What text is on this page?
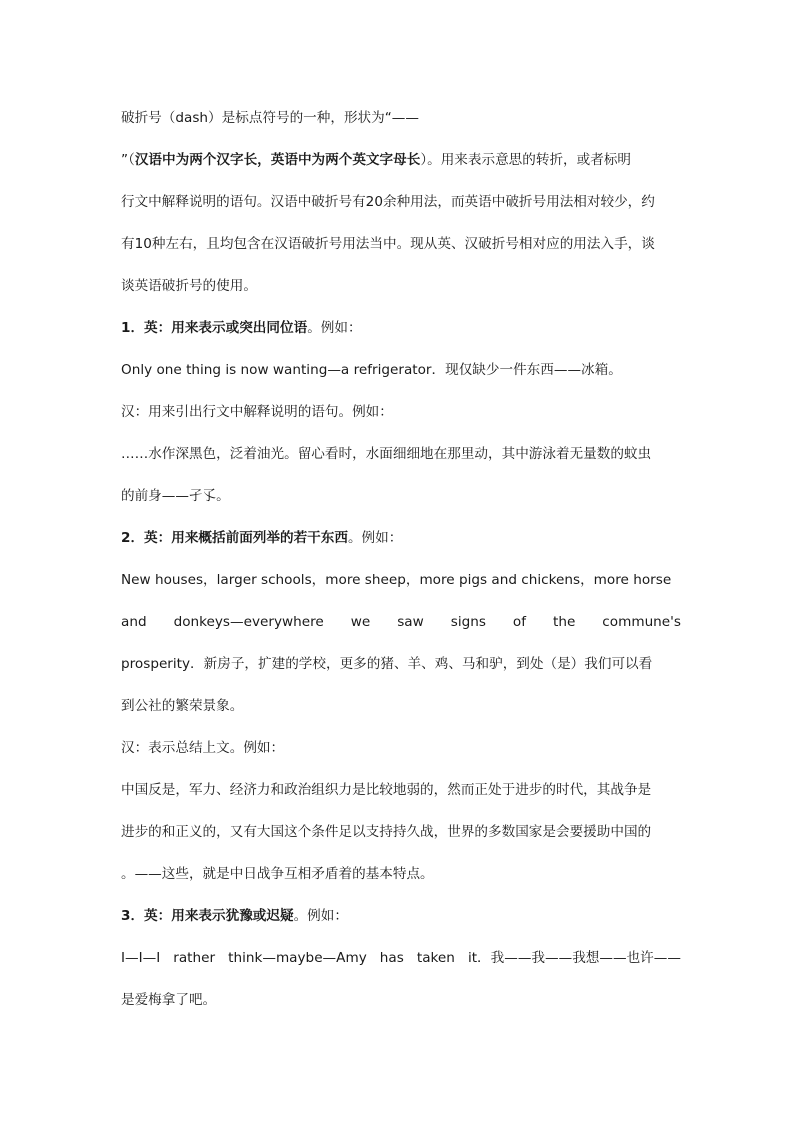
破折号（dash）是标点符号的一种，形状为“——
”（汉语中为两个汉字长，英语中为两个英文字母长）。用来表示意思的转折，或者标明
行文中解释说明的语句。汉语中破折号有20余种用法，而英语中破折号用法相对较少，约
有10种左右，且均包含在汉语破折号用法当中。现从英、汉破折号相对应的用法入手，谈
谈英语破折号的使用。
1．英：用来表示或突出同位语。例如：
Only one thing is now wanting—a refrigerator．现仅缺少一件东西——冰箱。
汉：用来引出行文中解释说明的语句。例如：
……水作深黑色，泛着油光。留心看时，水面细细地在那里动，其中游泳着无量数的蚊虫
的前身——孑孓。
2．英：用来概括前面列举的若干东西。例如：
New houses，larger schools，more sheep，more pigs and chickens，more horse
and donkeys—everywhere we saw signs of the commune's
prosperity．新房子，扩建的学校，更多的猪、羊、鸡、马和驴，到处（是）我们可以看
到公社的繁荣景象。
汉：表示总结上文。例如：
中国反是，军力、经济力和政治组织力是比较地弱的，然而正处于进步的时代，其战争是
进步的和正义的，又有大国这个条件足以支持持久战，世界的多数国家是会要援助中国的
。——这些，就是中日战争互相矛盾着的基本特点。
3．英：用来表示犹豫或迟疑。例如：
I—I—I rather think—maybe—Amy has taken it．我——我——我想——也许——
是爱梅拿了吧。
